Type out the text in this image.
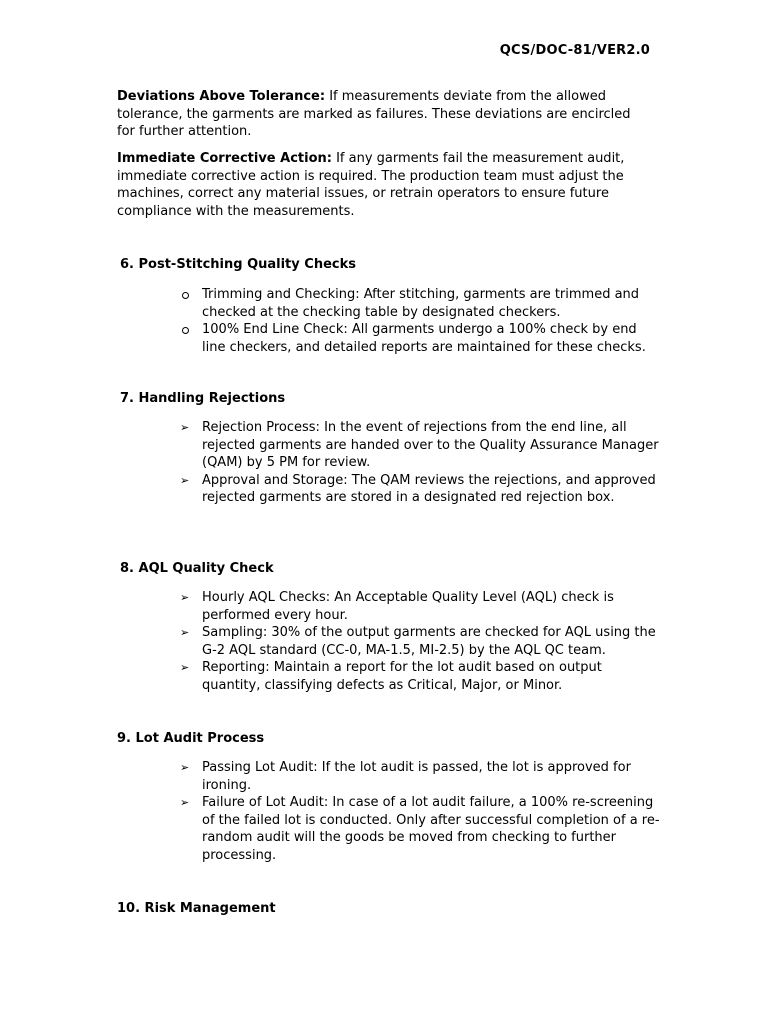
QCS/DOC-81/VER2.0

Deviations Above Tolerance: If measurements deviate from the allowed tolerance, the garments are marked as failures. These deviations are encircled for further attention.

Immediate Corrective Action: If any garments fail the measurement audit, immediate corrective action is required. The production team must adjust the machines, correct any material issues, or retrain operators to ensure future compliance with the measurements.

6. Post-Stitching Quality Checks
Trimming and Checking: After stitching, garments are trimmed and checked at the checking table by designated checkers.
100% End Line Check: All garments undergo a 100% check by end line checkers, and detailed reports are maintained for these checks.
7. Handling Rejections
➢ Rejection Process: In the event of rejections from the end line, all rejected garments are handed over to the Quality Assurance Manager (QAM) by 5 PM for review.
➢ Approval and Storage: The QAM reviews the rejections, and approved rejected garments are stored in a designated red rejection box.
8. AQL Quality Check
➢ Hourly AQL Checks: An Acceptable Quality Level (AQL) check is performed every hour.
➢ Sampling: 30% of the output garments are checked for AQL using the G-2 AQL standard (CC-0, MA-1.5, MI-2.5) by the AQL QC team.
➢ Reporting: Maintain a report for the lot audit based on output quantity, classifying defects as Critical, Major, or Minor.
9. Lot Audit Process
➢ Passing Lot Audit: If the lot audit is passed, the lot is approved for ironing.
➢ Failure of Lot Audit: In case of a lot audit failure, a 100% re-screening of the failed lot is conducted. Only after successful completion of a re-random audit will the goods be moved from checking to further processing.
10. Risk Management
